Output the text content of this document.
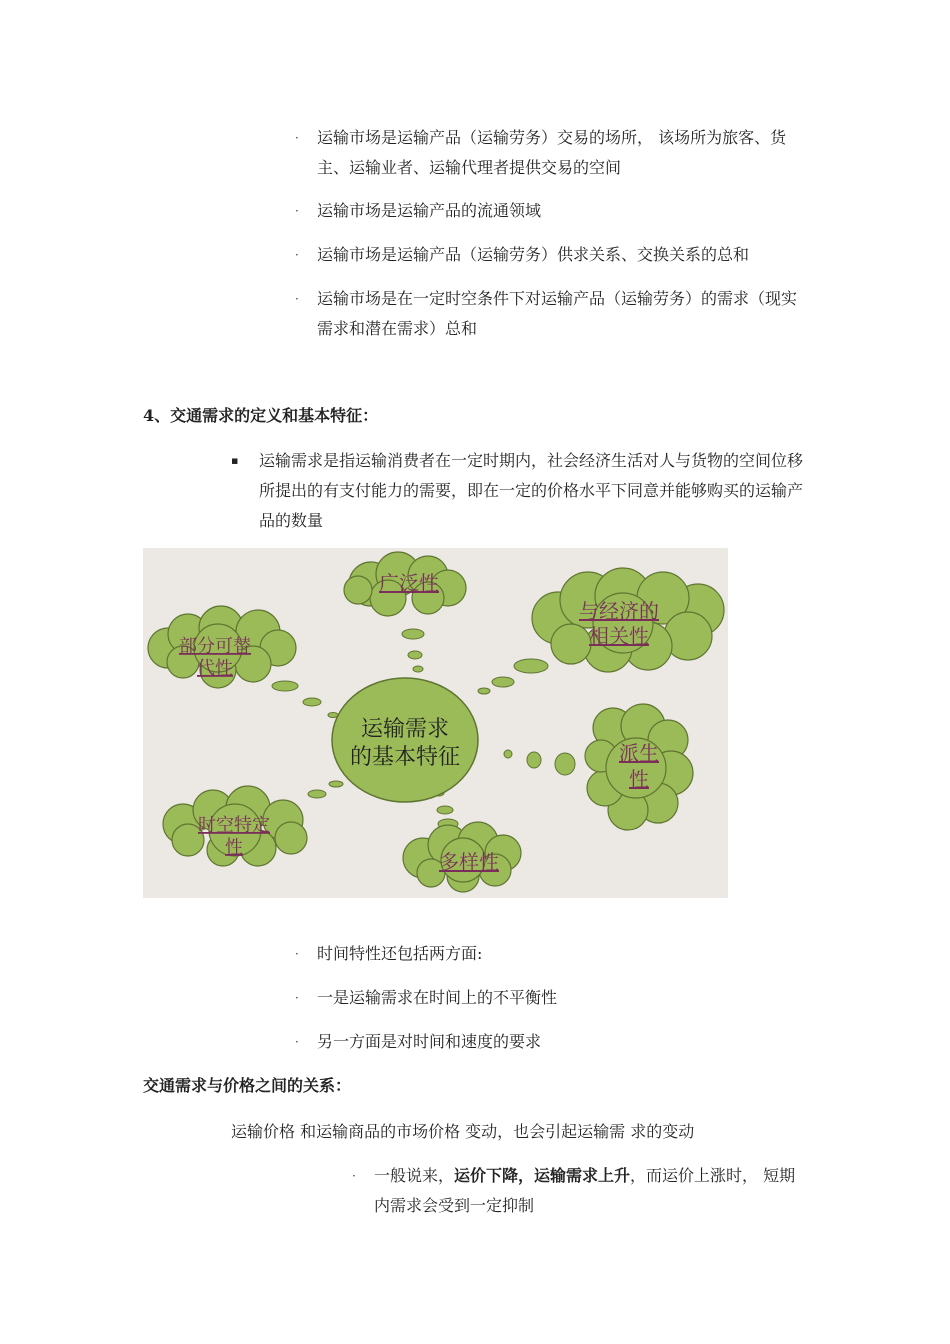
·	运输市场是运输产品（运输劳务）交易的场所， 该场所为旅客、货主、运输业者、运输代理者提供交易的空间
·	运输市场是运输产品的流通领域
·	运输市场是运输产品（运输劳务）供求关系、交换关系的总和
·	运输市场是在一定时空条件下对运输产品（运输劳务）的需求（现实需求和潜在需求）总和
4、交通需求的定义和基本特征：
▪	运输需求是指运输消费者在一定时期内，社会经济生活对人与货物的空间位移所提出的有支付能力的需要，即在一定的价格水平下同意并能够购买的运输产品的数量
运输需求
的基本特征
广泛性
与经济的
相关性
部分可替
代性
派生
性
时空特定
性
多样性
·	时间特性还包括两方面:
·	一是运输需求在时间上的不平衡性
·	另一方面是对时间和速度的要求
交通需求与价格之间的关系：
运输价格 和运输商品的市场价格 变动，也会引起运输需 求的变动
·	一般说来，运价下降，运输需求上升，而运价上涨时， 短期内需求会受到一定抑制
